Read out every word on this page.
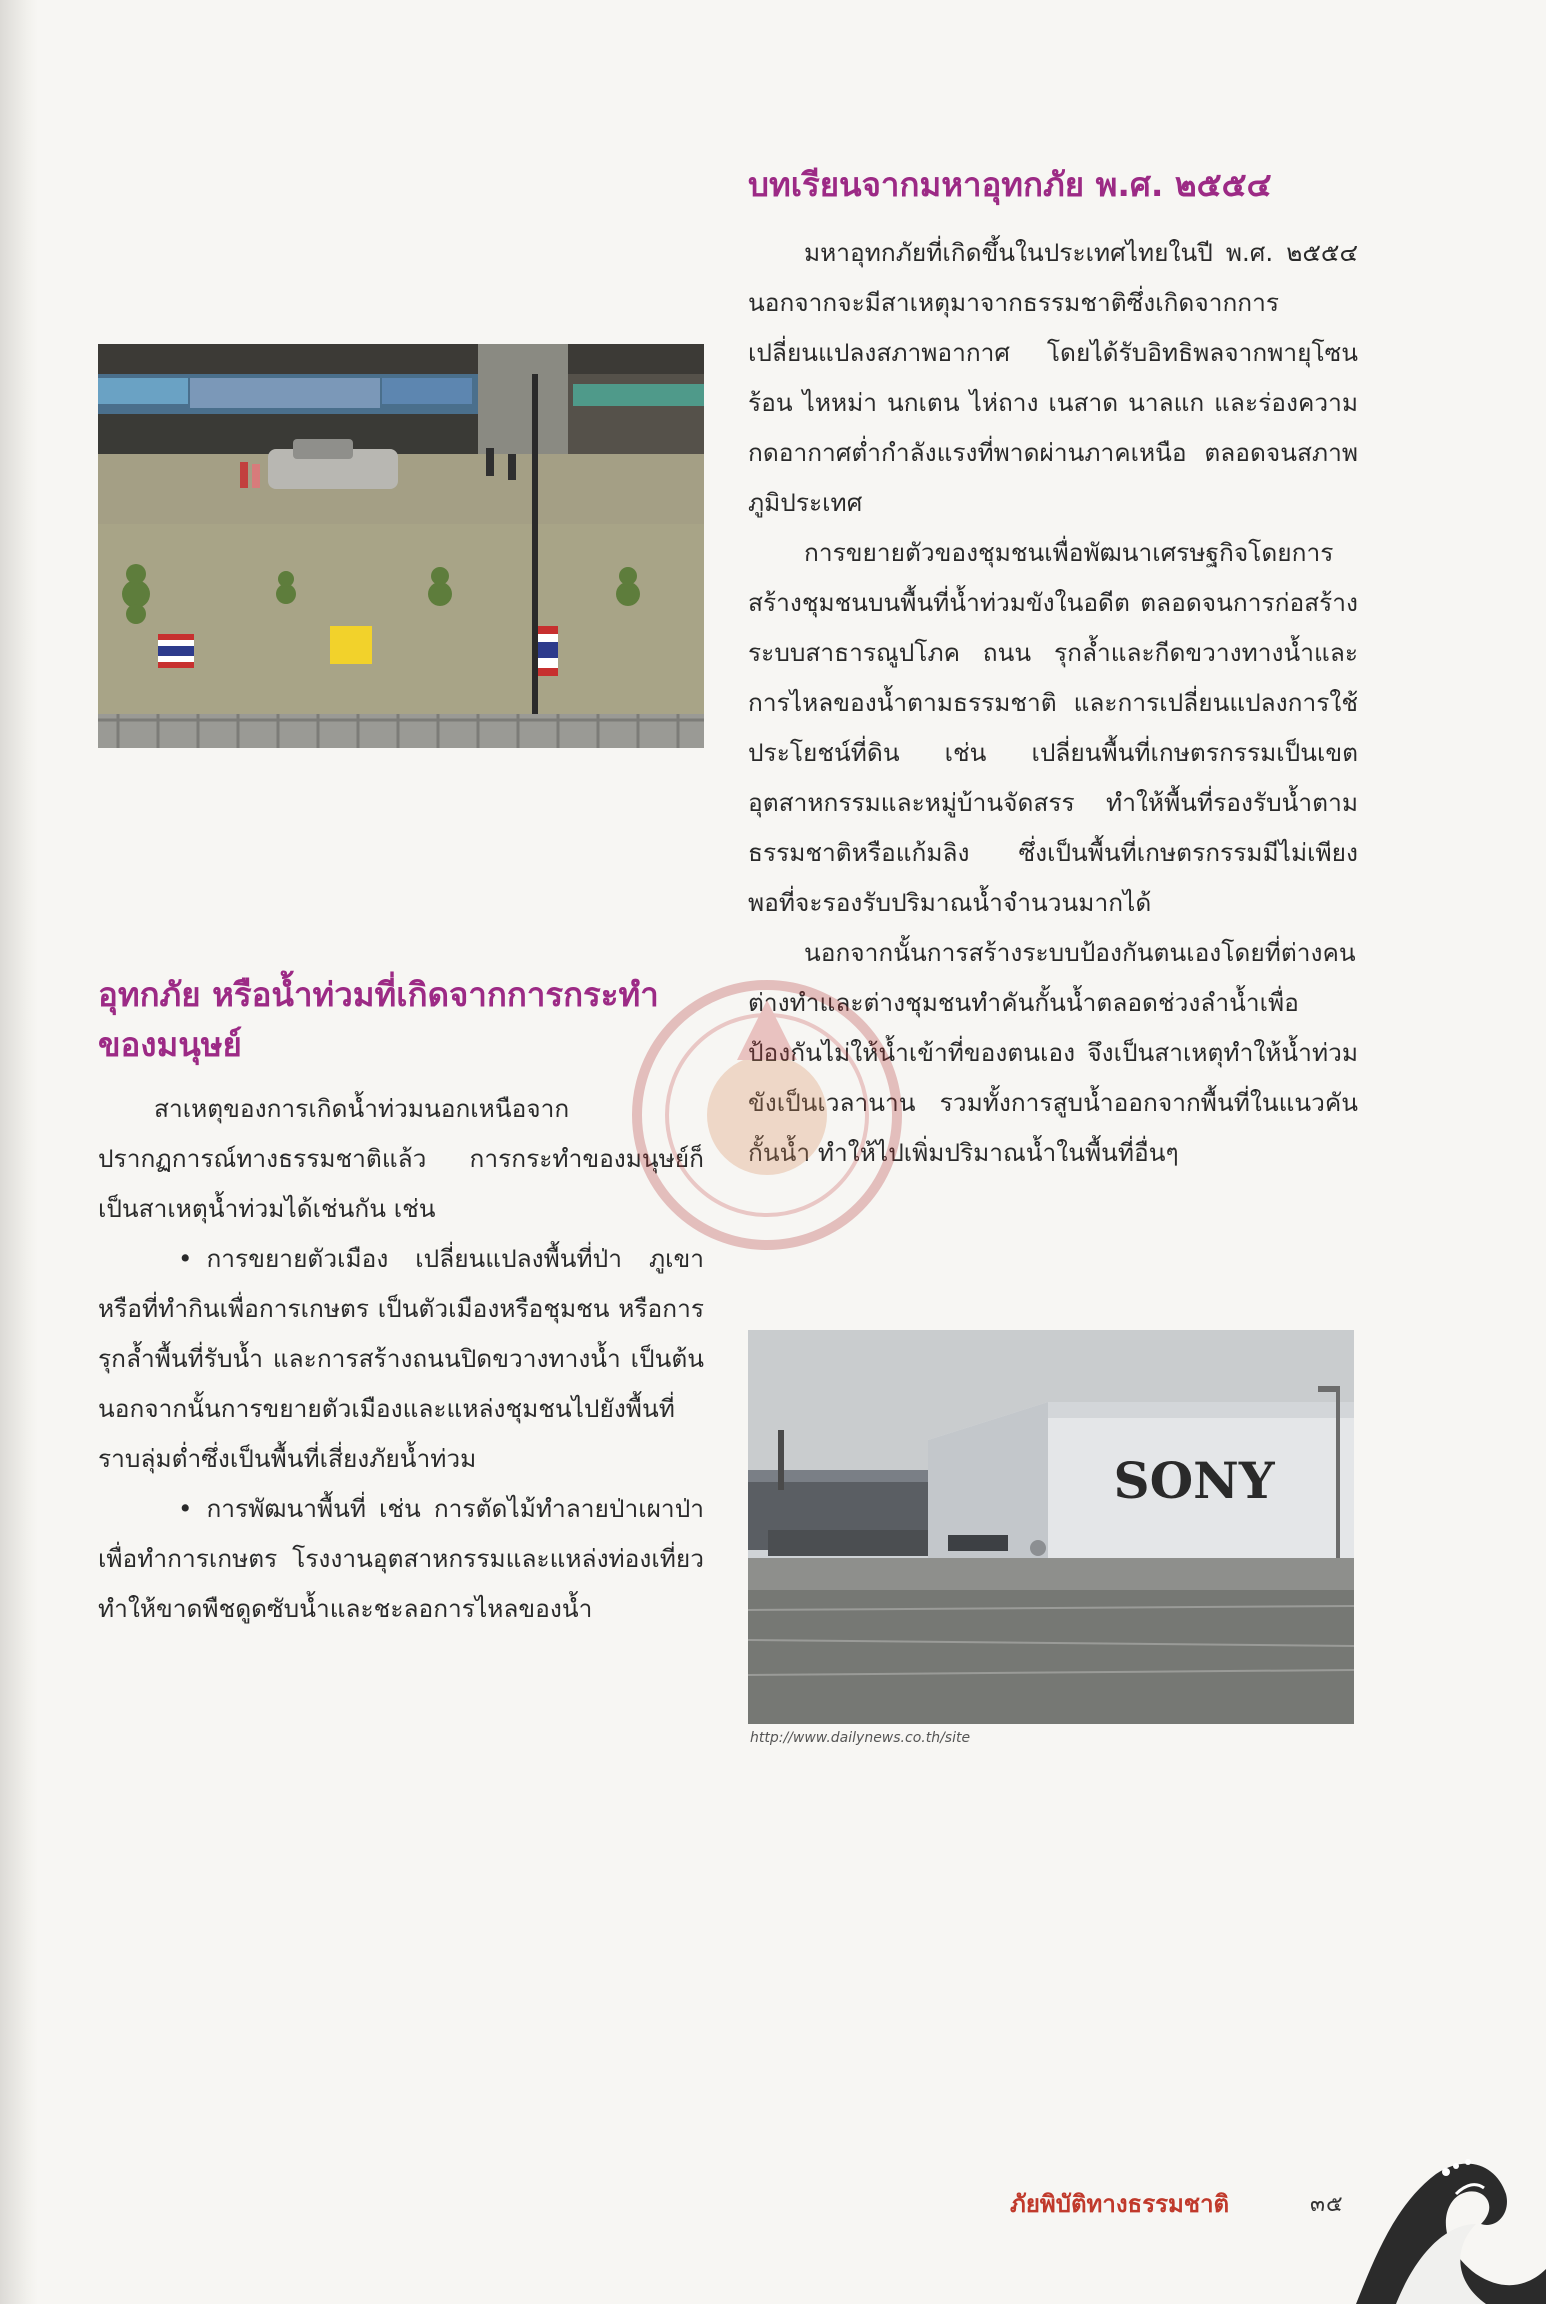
บทเรียนจากมหาอุทกภัย พ.ศ. ๒๕๕๔

มหาอุทกภัยที่เกิดขึ้นในประเทศไทยในปี พ.ศ. ๒๕๕๔ นอกจากจะมีสาเหตุมาจากธรรมชาติซึ่งเกิดจากการเปลี่ยนแปลงสภาพอากาศ โดยได้รับอิทธิพลจากพายุโซนร้อน ไหหม่า นกเตน ไห่ถาง เนสาด นาลแก และร่องความกดอากาศต่ำกำลังแรงที่พาดผ่านภาคเหนือ ตลอดจนสภาพภูมิประเทศ

การขยายตัวของชุมชนเพื่อพัฒนาเศรษฐกิจโดยการสร้างชุมชนบนพื้นที่น้ำท่วมขังในอดีต ตลอดจนการก่อสร้างระบบสาธารณูปโภค ถนน รุกล้ำและกีดขวางทางน้ำและการไหลของน้ำตามธรรมชาติ และการเปลี่ยนแปลงการใช้ประโยชน์ที่ดิน เช่น เปลี่ยนพื้นที่เกษตรกรรมเป็นเขตอุตสาหกรรมและหมู่บ้านจัดสรร ทำให้พื้นที่รองรับน้ำตามธรรมชาติหรือแก้มลิง ซึ่งเป็นพื้นที่เกษตรกรรมมีไม่เพียงพอที่จะรองรับปริมาณน้ำจำนวนมากได้

นอกจากนั้นการสร้างระบบป้องกันตนเองโดยที่ต่างคนต่างทำและต่างชุมชนทำคันกั้นน้ำตลอดช่วงลำน้ำเพื่อป้องกันไม่ให้น้ำเข้าที่ของตนเอง จึงเป็นสาเหตุทำให้น้ำท่วมขังเป็นเวลานาน รวมทั้งการสูบน้ำออกจากพื้นที่ในแนวคันกั้นน้ำ ทำให้ไปเพิ่มปริมาณน้ำในพื้นที่อื่นๆ

อุทกภัย หรือน้ำท่วมที่เกิดจากการกระทำของมนุษย์

สาเหตุของการเกิดน้ำท่วมนอกเหนือจากปรากฏการณ์ทางธรรมชาติแล้ว การกระทำของมนุษย์ก็เป็นสาเหตุน้ำท่วมได้เช่นกัน เช่น

• การขยายตัวเมือง เปลี่ยนแปลงพื้นที่ป่า ภูเขา หรือที่ทำกินเพื่อการเกษตร เป็นตัวเมืองหรือชุมชน หรือการรุกล้ำพื้นที่รับน้ำ และการสร้างถนนปิดขวางทางน้ำ เป็นต้น นอกจากนั้นการขยายตัวเมืองและแหล่งชุมชนไปยังพื้นที่ราบลุ่มต่ำซึ่งเป็นพื้นที่เสี่ยงภัยน้ำท่วม

• การพัฒนาพื้นที่ เช่น การตัดไม้ทำลายป่าเผาป่า เพื่อทำการเกษตร โรงงานอุตสาหกรรมและแหล่งท่องเที่ยว ทำให้ขาดพืชดูดซับน้ำและชะลอการไหลของน้ำ

SONY
http://www.dailynews.co.th/site
ภัยพิบัติทางธรรมชาติ	๓๕
